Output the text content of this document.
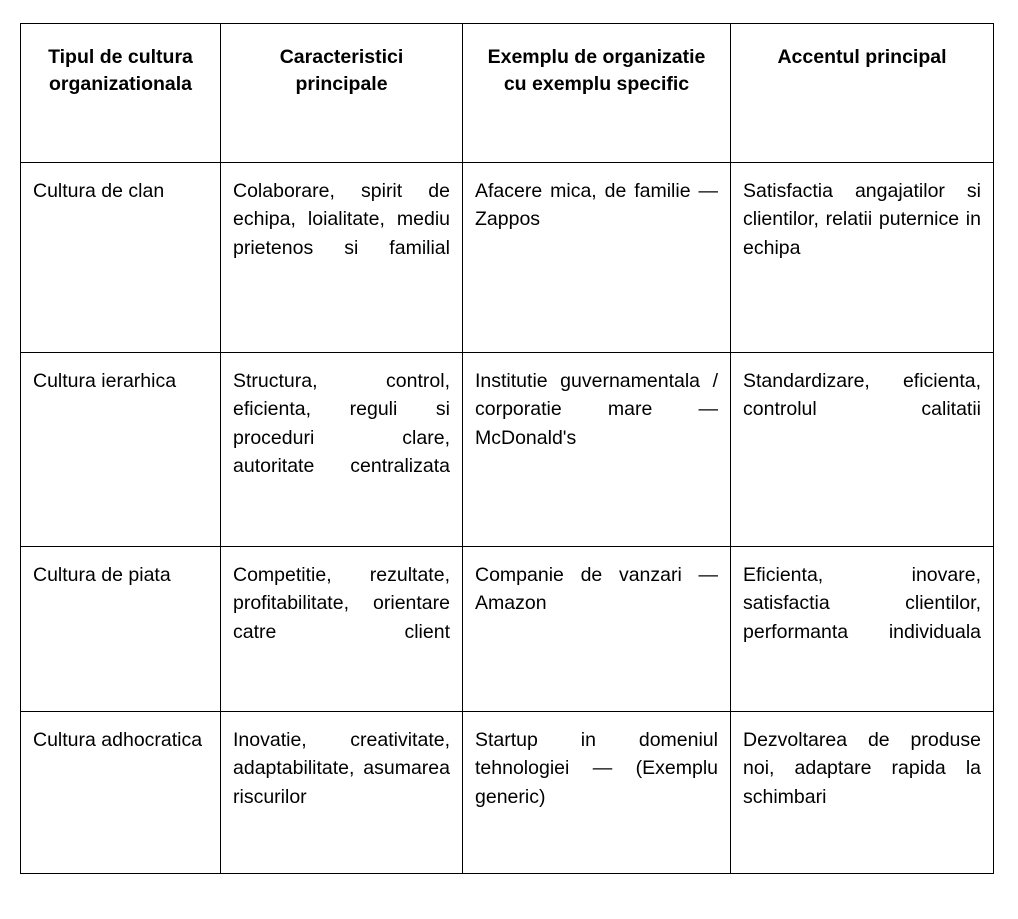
Tipul de cultura organizationala	Caracteristici principale	Exemplu de organizatie cu exemplu specific	Accentul principal

Cultura de clan	Colaborare, spirit de echipa, loialitate, mediu prietenos si familial	Afacere mica, de familie — Zappos	Satisfactia angajatilor si clientilor, relatii puternice in echipa

Cultura ierarhica	Structura, control, eficienta, reguli si proceduri clare, autoritate centralizata	Institutie guvernamentala / corporatie mare — McDonald's	Standardizare, eficienta, controlul calitatii

Cultura de piata	Competitie, rezultate, profitabilitate, orientare catre client	Companie de vanzari — Amazon	Eficienta, inovare, satisfactia clientilor, performanta individuala

Cultura adhocratica	Inovatie, creativitate, adaptabilitate, asumarea riscurilor	Startup in domeniul tehnologiei — (Exemplu generic)	Dezvoltarea de produse noi, adaptare rapida la schimbari
